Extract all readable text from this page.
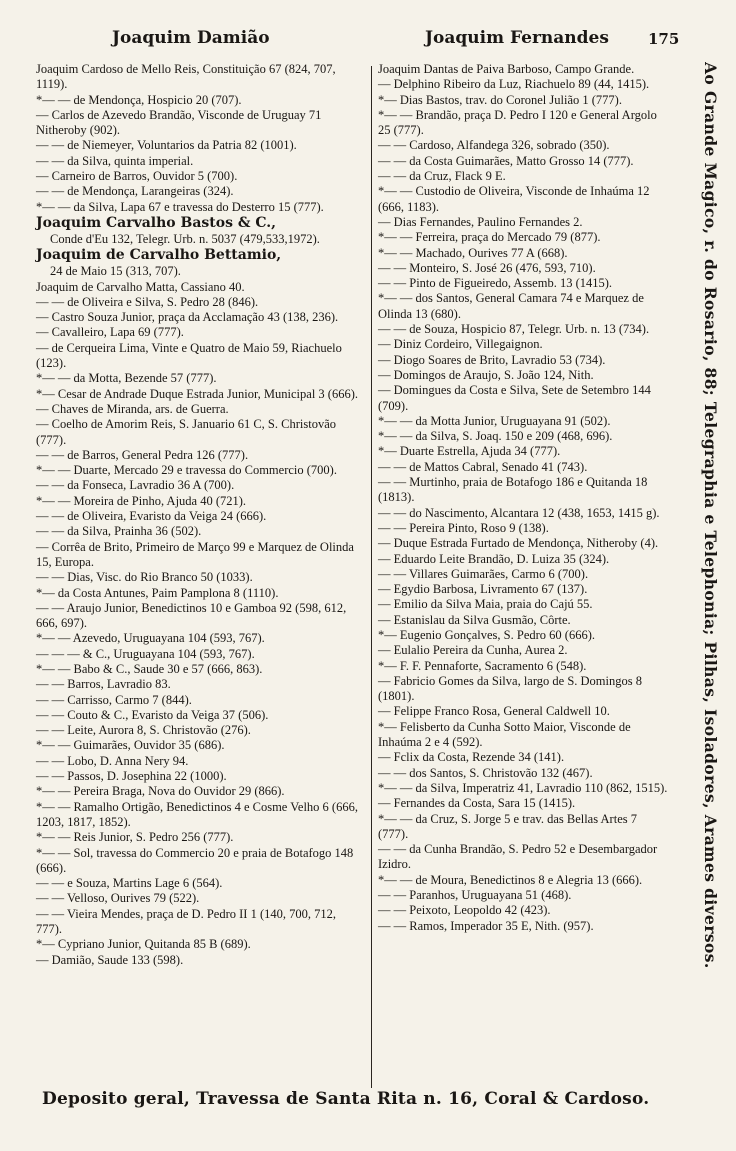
Joaquim Damião	Joaquim Fernandes	175
Joaquim Cardoso de Mello Reis, Constituição 67 (824, 707, 1119).
*— — de Mendonça, Hospicio 20 (707).
— Carlos de Azevedo Brandão, Visconde de Uruguay 71 Nitheroby (902).
— — de Niemeyer, Voluntarios da Patria 82 (1001).
— — da Silva, quinta imperial.
— Carneiro de Barros, Ouvidor 5 (700).
— — de Mendonça, Larangeiras (324).
*— — da Silva, Lapa 67 e travessa do Desterro 15 (777).
Joaquim Carvalho Bastos & C.,
Conde d'Eu 132, Telegr. Urb. n. 5037 (479,533,1972).
Joaquim de Carvalho Bettamio,
24 de Maio 15 (313, 707).
Joaquim de Carvalho Matta, Cassiano 40.
— — de Oliveira e Silva, S. Pedro 28 (846).
— Castro Souza Junior, praça da Acclamação 43 (138, 236).
— Cavalleiro, Lapa 69 (777).
— de Cerqueira Lima, Vinte e Quatro de Maio 59, Riachuelo (123).
*— — da Motta, Bezende 57 (777).
*— Cesar de Andrade Duque Estrada Junior, Municipal 3 (666).
— Chaves de Miranda, ars. de Guerra.
— Coelho de Amorim Reis, S. Januario 61 C, S. Christovão (777).
— — de Barros, General Pedra 126 (777).
*— — Duarte, Mercado 29 e travessa do Commercio (700).
— — da Fonseca, Lavradio 36 A (700).
*— — Moreira de Pinho, Ajuda 40 (721).
— — de Oliveira, Evaristo da Veiga 24 (666).
— — da Silva, Prainha 36 (502).
— Corrêa de Brito, Primeiro de Março 99 e Marquez de Olinda 15, Europa.
— — Dias, Visc. do Rio Branco 50 (1033).
*— da Costa Antunes, Paim Pamplona 8 (1110).
— — Araujo Junior, Benedictinos 10 e Gamboa 92 (598, 612, 666, 697).
*— — Azevedo, Uruguayana 104 (593, 767).
— — — & C., Uruguayana 104 (593, 767).
*— — Babo & C., Saude 30 e 57 (666, 863).
— — Barros, Lavradio 83.
— — Carrisso, Carmo 7 (844).
— — Couto & C., Evaristo da Veiga 37 (506).
— — Leite, Aurora 8, S. Christovão (276).
*— — Guimarães, Ouvidor 35 (686).
— — Lobo, D. Anna Nery 94.
— — Passos, D. Josephina 22 (1000).
*— — Pereira Braga, Nova do Ouvidor 29 (866).
*— — Ramalho Ortigão, Benedictinos 4 e Cosme Velho 6 (666, 1203, 1817, 1852).
*— — Reis Junior, S. Pedro 256 (777).
*— — Sol, travessa do Commercio 20 e praia de Botafogo 148 (666).
— — e Souza, Martins Lage 6 (564).
— — Velloso, Ourives 79 (522).
— — Vieira Mendes, praça de D. Pedro II 1 (140, 700, 712, 777).
*— Cypriano Junior, Quitanda 85 B (689).
— Damião, Saude 133 (598).
Joaquim Dantas de Paiva Barboso, Campo Grande.
— Delphino Ribeiro da Luz, Riachuelo 89 (44, 1415).
*— Dias Bastos, trav. do Coronel Julião 1 (777).
*— — Brandão, praça D. Pedro I 120 e General Argolo 25 (777).
— — Cardoso, Alfandega 326, sobrado (350).
— — da Costa Guimarães, Matto Grosso 14 (777).
— — da Cruz, Flack 9 E.
*— — Custodio de Oliveira, Visconde de Inhaúma 12 (666, 1183).
— Dias Fernandes, Paulino Fernandes 2.
*— — Ferreira, praça do Mercado 79 (877).
*— — Machado, Ourives 77 A (668).
— — Monteiro, S. José 26 (476, 593, 710).
— — Pinto de Figueiredo, Assemb. 13 (1415).
*— — dos Santos, General Camara 74 e Marquez de Olinda 13 (680).
— — de Souza, Hospicio 87, Telegr. Urb. n. 13 (734).
— Diniz Cordeiro, Villegaignon.
— Diogo Soares de Brito, Lavradio 53 (734).
— Domingos de Araujo, S. João 124, Nith.
— Domingues da Costa e Silva, Sete de Setembro 144 (709).
*— — da Motta Junior, Uruguayana 91 (502).
*— — da Silva, S. Joaq. 150 e 209 (468, 696).
*— Duarte Estrella, Ajuda 34 (777).
— — de Mattos Cabral, Senado 41 (743).
— — Murtinho, praia de Botafogo 186 e Quitanda 18 (1813).
— — do Nascimento, Alcantara 12 (438, 1653, 1415 g).
— — Pereira Pinto, Roso 9 (138).
— Duque Estrada Furtado de Mendonça, Nitheroby (4).
— Eduardo Leite Brandão, D. Luiza 35 (324).
— — Villares Guimarães, Carmo 6 (700).
— Egydio Barbosa, Livramento 67 (137).
— Emilio da Silva Maia, praia do Cajú 55.
— Estanislau da Silva Gusmão, Côrte.
*— Eugenio Gonçalves, S. Pedro 60 (666).
— Eulalio Pereira da Cunha, Aurea 2.
*— F. F. Pennaforte, Sacramento 6 (548).
— Fabricio Gomes da Silva, largo de S. Domingos 8 (1801).
— Felippe Franco Rosa, General Caldwell 10.
*— Felisberto da Cunha Sotto Maior, Visconde de Inhaúma 2 e 4 (592).
— Fclix da Costa, Rezende 34 (141).
— — dos Santos, S. Christovão 132 (467).
*— — da Silva, Imperatriz 41, Lavradio 110 (862, 1515).
— Fernandes da Costa, Sara 15 (1415).
*— — da Cruz, S. Jorge 5 e trav. das Bellas Artes 7 (777).
— — da Cunha Brandão, S. Pedro 52 e Desembargador Izidro.
*— — de Moura, Benedictinos 8 e Alegria 13 (666).
— — Paranhos, Uruguayana 51 (468).
— — Peixoto, Leopoldo 42 (423).
— — Ramos, Imperador 35 E, Nith. (957).	Ao Grande Magico, r. do Rosario, 88; Telegraphia e Telephonia; Pilhas, Isoladores, Arames diversos.
Deposito geral, Travessa de Santa Rita n. 16, Coral & Cardoso.
